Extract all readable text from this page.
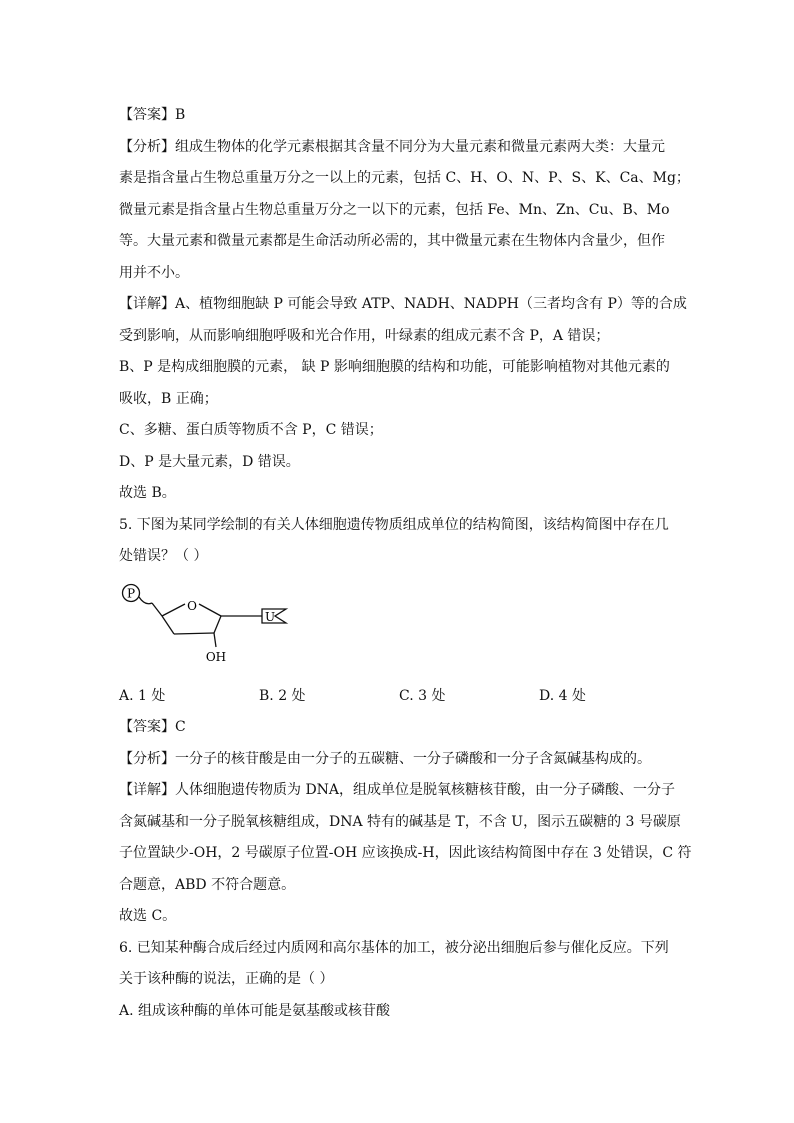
【答案】B
【分析】组成生物体的化学元素根据其含量不同分为大量元素和微量元素两大类：大量元
素是指含量占生物总重量万分之一以上的元素，包括 C、H、O、N、P、S、K、Ca、Mg；
微量元素是指含量占生物总重量万分之一以下的元素，包括 Fe、Mn、Zn、Cu、B、Mo
等。大量元素和微量元素都是生命活动所必需的，其中微量元素在生物体内含量少，但作
用并不小。
【详解】A、植物细胞缺 P 可能会导致 ATP、NADH、NADPH（三者均含有 P）等的合成
受到影响，从而影响细胞呼吸和光合作用，叶绿素的组成元素不含 P，A 错误；
B、P 是构成细胞膜的元素， 缺 P 影响细胞膜的结构和功能，可能影响植物对其他元素的
吸收，B 正确；
C、多糖、蛋白质等物质不含 P，C 错误；
D、P 是大量元素，D 错误。
故选 B。
5. 下图为某同学绘制的有关人体细胞遗传物质组成单位的结构简图，该结构简图中存在几
处错误？（ ）
P
O
OH
U
A. 1 处	B. 2 处	C. 3 处	D. 4 处
【答案】C
【分析】一分子的核苷酸是由一分子的五碳糖、一分子磷酸和一分子含氮碱基构成的。
【详解】人体细胞遗传物质为 DNA，组成单位是脱氧核糖核苷酸，由一分子磷酸、一分子
含氮碱基和一分子脱氧核糖组成，DNA 特有的碱基是 T，不含 U，图示五碳糖的 3 号碳原
子位置缺少-OH，2 号碳原子位置-OH 应该换成-H，因此该结构简图中存在 3 处错误，C 符
合题意，ABD 不符合题意。
故选 C。
6. 已知某种酶合成后经过内质网和高尔基体的加工，被分泌出细胞后参与催化反应。下列
关于该种酶的说法，正确的是（ ）
A. 组成该种酶的单体可能是氨基酸或核苷酸
